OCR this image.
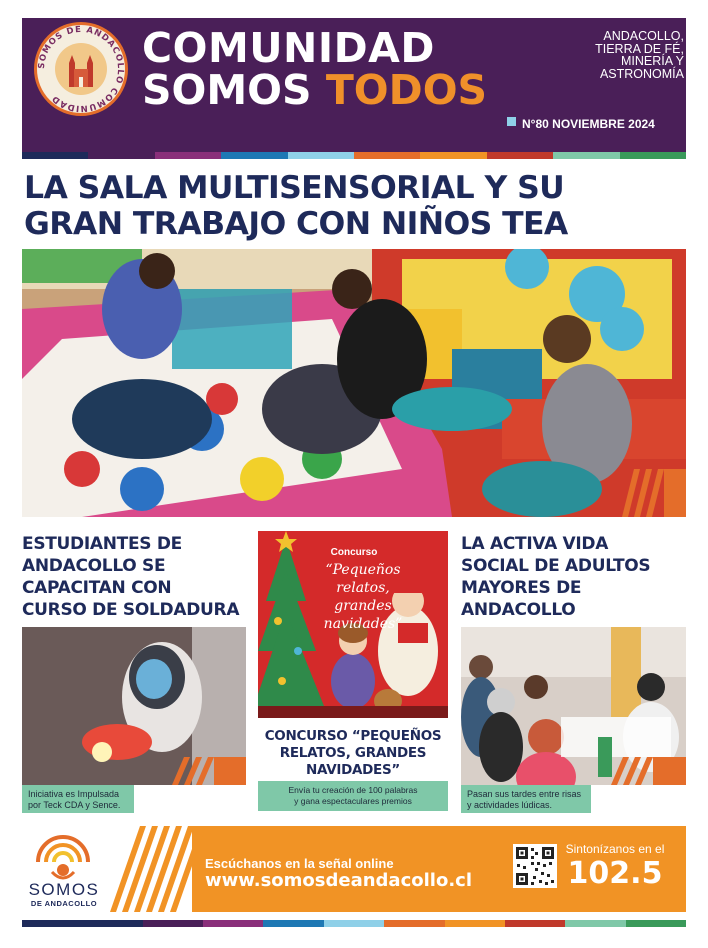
SOMOS DE ANDACOLLO COMUNIDAD
COMUNIDAD
SOMOS TODOS
ANDACOLLO, TIERRA DE FÉ, MINERÍA Y ASTRONOMÍA
N°80 NOVIEMBRE 2024
LA SALA MULTISENSORIAL Y SU
GRAN TRABAJO CON NIÑOS TEA
ESTUDIANTES DE
ANDACOLLO SE
CAPACITAN CON
CURSO DE SOLDADURA
Iniciativa es Impulsada
por Teck CDA y Sence.
Concurso
“Pequeños relatos,
grandes
navidades”
CONCURSO “PEQUEÑOS
RELATOS, GRANDES
NAVIDADES”
Envía tu creación de 100 palabras
y gana espectaculares premios
LA ACTIVA VIDA
SOCIAL DE ADULTOS
MAYORES DE
ANDACOLLO
Pasan sus tardes entre risas
y actividades lúdicas.
SOMOS
DE ANDACOLLO
Escúchanos en la señal online
www.somosdeandacollo.cl
Sintonízanos en el
102.5
